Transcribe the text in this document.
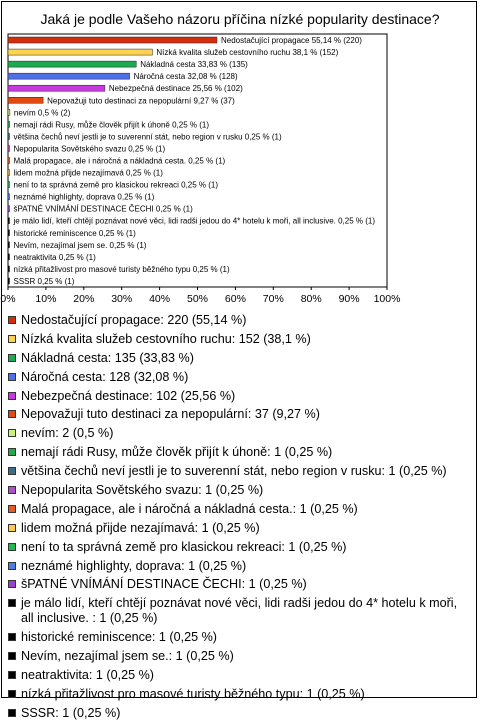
Jaká je podle Vašeho názoru příčina nízké popularity destinace?
Nedostačující propagace 55,14 % (220)
Nízká kvalita služeb cestovního ruchu 38,1 % (152)
Nákladná cesta 33,83 % (135)
Náročná cesta 32,08 % (128)
Nebezpečná destinace 25,56 % (102)
Nepovažuji tuto destinaci za nepopulární 9,27 % (37)
nevím 0,5 % (2)
nemají rádi Rusy, může člověk přijít k úhoně 0,25 % (1)
většina čechů neví jestli je to suverenní stát, nebo region v rusku 0,25 % (1)
Nepopularita Sovětského svazu 0,25 % (1)
Malá propagace, ale i náročná a nákladná cesta. 0,25 % (1)
lidem možná přijde nezajímavá 0,25 % (1)
není to ta správná země pro klasickou rekreaci 0,25 % (1)
neznámé highlighty, doprava 0,25 % (1)
šPATNÉ VNÍMÁNÍ DESTINACE ČECHI 0,25 % (1)
je málo lidí, kteří chtějí poznávat nové věci, lidi radši jedou do 4* hotelu k moři, all inclusive. 0,25 % (1)
historické reminiscence 0,25 % (1)
Nevím, nezajímal jsem se. 0,25 % (1)
neatraktivita 0,25 % (1)
nízká přitažlivost pro masové turisty běžného typu 0,25 % (1)
SSSR 0,25 % (1)
0% 10% 20% 30% 40% 50% 60% 70% 80% 90% 100%
Nedostačující propagace: 220 (55,14 %)
Nízká kvalita služeb cestovního ruchu: 152 (38,1 %)
Nákladná cesta: 135 (33,83 %)
Náročná cesta: 128 (32,08 %)
Nebezpečná destinace: 102 (25,56 %)
Nepovažuji tuto destinaci za nepopulární: 37 (9,27 %)
nevím: 2 (0,5 %)
nemají rádi Rusy, může člověk přijít k úhoně: 1 (0,25 %)
většina čechů neví jestli je to suverenní stát, nebo region v rusku: 1 (0,25 %)
Nepopularita Sovětského svazu: 1 (0,25 %)
Malá propagace, ale i náročná a nákladná cesta.: 1 (0,25 %)
lidem možná přijde nezajímavá: 1 (0,25 %)
není to ta správná země pro klasickou rekreaci: 1 (0,25 %)
neznámé highlighty, doprava: 1 (0,25 %)
šPATNÉ VNÍMÁNÍ DESTINACE ČECHI: 1 (0,25 %)
je málo lidí, kteří chtějí poznávat nové věci, lidi radši jedou do 4* hotelu k moři, all inclusive. : 1 (0,25 %)
historické reminiscence: 1 (0,25 %)
Nevím, nezajímal jsem se.: 1 (0,25 %)
neatraktivita: 1 (0,25 %)
nízká přitažlivost pro masové turisty běžného typu: 1 (0,25 %)
SSSR: 1 (0,25 %)
